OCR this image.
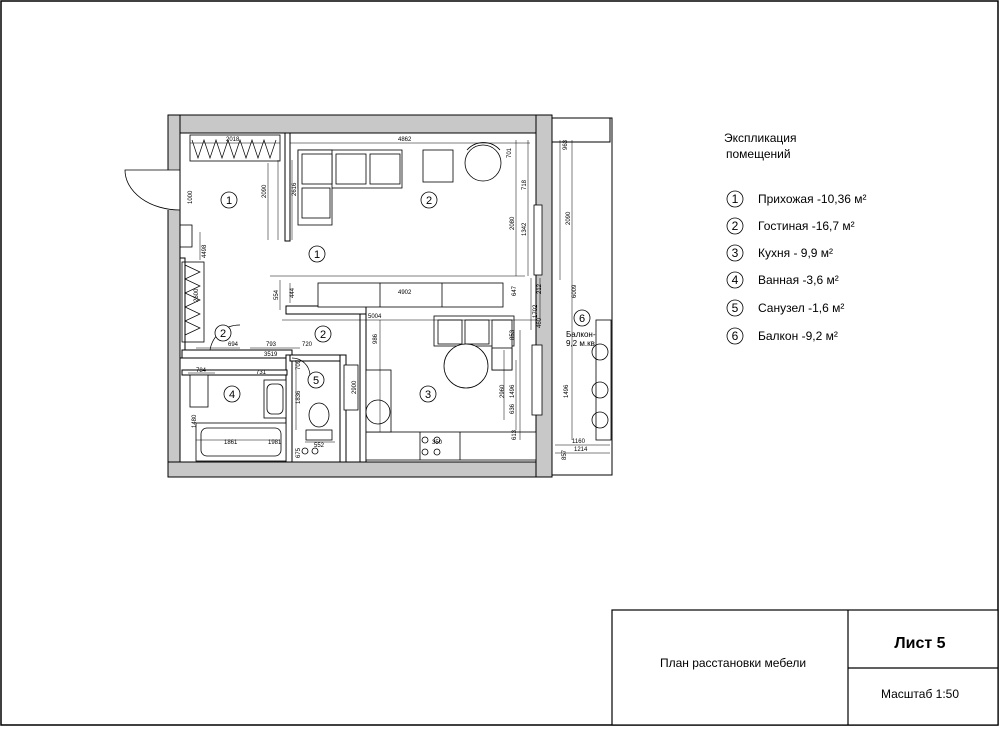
2018	4862
701
963
1000	2090	2616	718
2080 1342
2090
4498
2600	554 444	4902	647	212	6009
1702
5004
460
853
986
694	793	720
3519
709
784	731
1836
2900
1861
2960 1496	1496
636
1480
1981
675
552
1160
1214
613
350
857
1	2
1
2	2
3
4
5
6
Балкон-
9,2 м.кв
Экспликация
помещений
1 Прихожая -10,36 м²
2 Гостиная -16,7 м²
3 Кухня - 9,9 м²
4 Ванная -3,6 м²
5 Санузел -1,6 м²
6 Балкон -9,2 м²
План расстановки мебели
Лист 5
Масштаб 1:50
